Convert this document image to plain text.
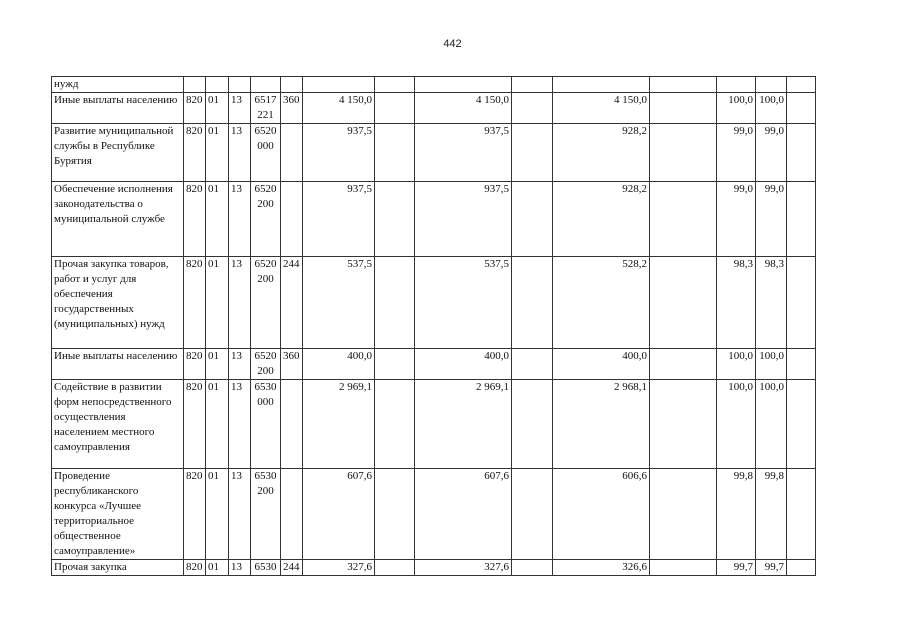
442
нужд														
Иные выплаты населению	820	01	13	6517 221	360	4 150,0		4 150,0		4 150,0		100,0	100,0	
Развитие муниципальной службы в Республике Бурятия	820	01	13	6520 000		937,5		937,5		928,2		99,0	99,0	
Обеспечение исполнения законодательства о муниципальной службе	820	01	13	6520 200		937,5		937,5		928,2		99,0	99,0	
Прочая закупка товаров, работ и услуг для обеспечения государственных (муниципальных) нужд	820	01	13	6520 200	244	537,5		537,5		528,2		98,3	98,3	
Иные выплаты населению	820	01	13	6520 200	360	400,0		400,0		400,0		100,0	100,0	
Содействие в развитии форм непосредственного осуществления населением местного самоуправления	820	01	13	6530 000		2 969,1		2 969,1		2 968,1		100,0	100,0	
Проведение республиканского конкурса «Лучшее территориальное общественное самоуправление»	820	01	13	6530 200		607,6		607,6		606,6		99,8	99,8	
Прочая закупка	820	01	13	6530	244	327,6		327,6		326,6		99,7	99,7	
